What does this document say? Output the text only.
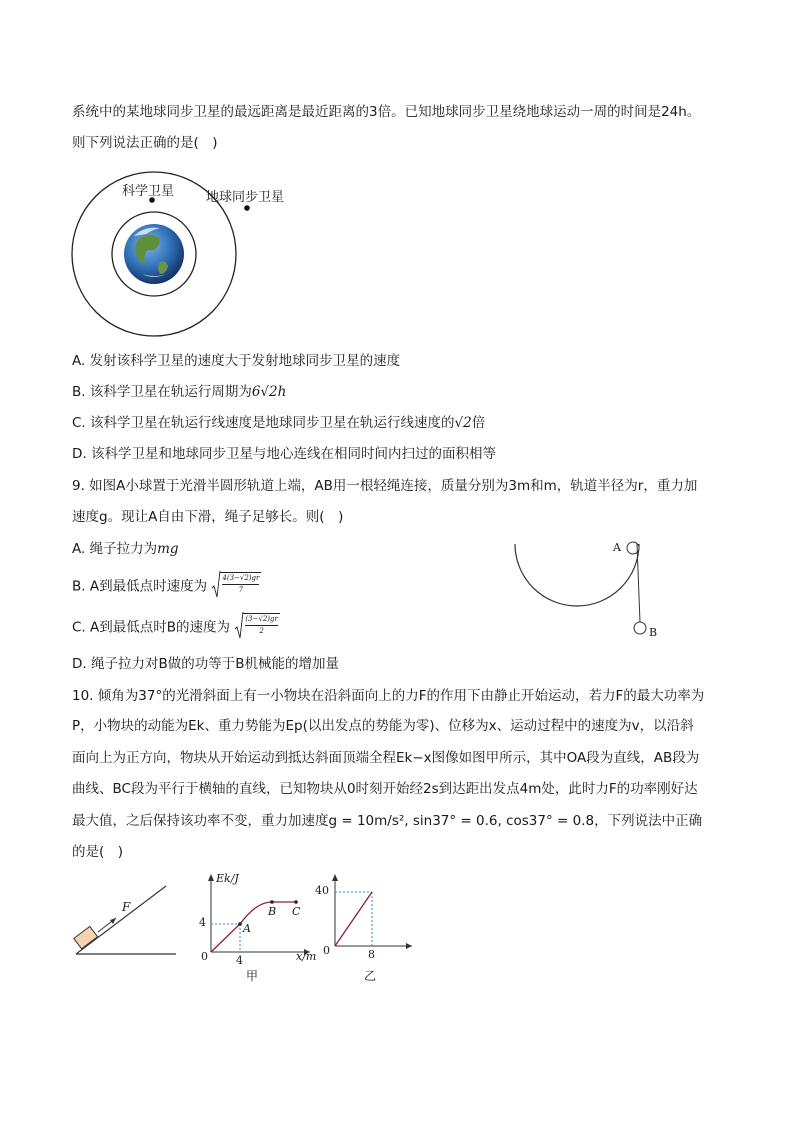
系统中的某地球同步卫星的最远距离是最近距离的3倍。已知地球同步卫星绕地球运动一周的时间是24h。
则下列说法正确的是(　)
科学卫星 地球同步卫星
A. 发射该科学卫星的速度大于发射地球同步卫星的速度
B. 该科学卫星在轨运行周期为6√2h
C. 该科学卫星在轨运行线速度是地球同步卫星在轨运行线速度的√2倍
D. 该科学卫星和地球同步卫星与地心连线在相同时间内扫过的面积相等
9. 如图A小球置于光滑半圆形轨道上端，AB用一根轻绳连接，质量分别为3m和m，轨道半径为r，重力加
速度g。现让A自由下滑，绳子足够长。则(　)
A. 绳子拉力为mg
B. A到最低点时速度为 $\frac{4(3-√2)gr}{7}$
C. A到最低点时B的速度为 $\frac{(3-√2)gr}{2}$
D. 绳子拉力对B做的功等于B机械能的增加量
A
B
10. 倾角为37°的光滑斜面上有一小物块在沿斜面向上的力F的作用下由静止开始运动，若力F的最大功率为
P，小物块的动能为Ek、重力势能为Ep(以出发点的势能为零)、位移为x、运动过程中的速度为v，以沿斜
面向上为正方向，物块从开始运动到抵达斜面顶端全程Ek−x图像如图甲所示，其中OA段为直线，AB段为
曲线、BC段为平行于横轴的直线，已知物块从0时刻开始经2s到达距出发点4m处，此时力F的功率刚好达
最大值，之后保持该功率不变，重力加速度g = 10m/s², sin37° = 0.6, cos37° = 0.8，下列说法中正确
的是(　)
F
Ek/J
x/m
4
4
0
A
B C
甲
40
8
0
乙
